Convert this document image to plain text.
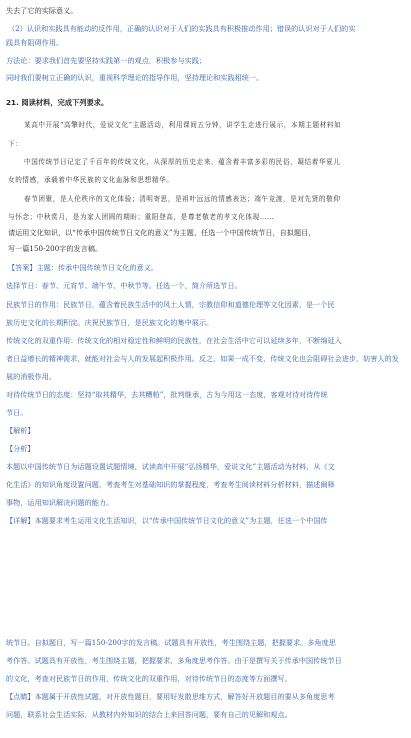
失去了它的实际意义。
（2）认识和实践具有能动的反作用，正确的认识对于人们的实践具有积极推动作用；错误的认识对于人们的实
践具有阻碍作用。
方法论：要求我们首先要坚持实践第一的观点，积极参与实践；
同时我们要树立正确的认识，重视科学理论的指导作用，坚持理论和实践相统一。
21. 阅读材料，完成下列要求。
某高中开展“高擎时代，爱说文化”主题活动，利用课间五分钟，讲学生走进行展示，本期主题材料如
下：
中国传统节日记定了千百年的传统文化，从深厚的历史走来，蕴含着丰富多彩的民俗，凝结着华夏儿
女的情感，承载着中华民族的文化血脉和思想精华。
春节团聚，是人伦秩序的文化体验；清明寄思，是祖叶远远的情感表达；端午竞渡，是对先贤的敬仰
与怀念；中秋赏月，是为家人团圆的期盼；重阳登高，是尊老敬老的孝文化体现……
请运用文化知识，以“传承中国传统节日文化的意义”为主题，任选一个中国传统节日，自拟题目，
写一篇150-200字的发言稿。
【答案】主题：传承中国传统节日文化的意义。
选择节日：春节、元宵节、端午节、中秋节等。任选一个，简介所选节日。
民族节日的作用：民族节日，蕴含着民族生活中的风土人情，宗教信仰和道德伦理等文化因素，是一个民
族历史文化的长期积淀。庆祝民族节日，是民族文化的集中展示。
传统文化的双重作用：传统文化的相对稳定性和鲜明的民族性，在社会生活中它可以延续多年，不断绵延入
者日益增长的精神需求，就能对社会与人的发展起积极作用。反之，如果一成不变，传统文化也会阻碍社会进步，妨害人的发
展的消极作用。
对待传统节日的态度：坚持“取其精华，去其糟粕”，批判继承，古为今用这一态度，客观对待对待传统
节日。
【解析】
【分析】
本题以中国传统节日为话题设置试题情境，试读高中开展“弘扬精华，爱说文化”主题活动为材料，从《文
化生活》的知识角度设置问题，考查考生对基础知识的掌握程度，考查考生阅读材料分析材料，描述阐释
事物，运用知识解决问题的能力。
【详解】本题要求考生运用文化生活知识，以“传承中国传统节日文化的意义”为主题，任选一个中国传
统节日。自拟题目，写一篇150-200字的发言稿。试题具有开放性，考生围绕主题，把握要求。多角度思
考作答。试题具有开放性，考生围绕主题，把握要求，多角度思考作答。由于是撰写关于传承中国传统节日
的文化，考查对民族节日的作用，传统文化的双重作用，对待传统节日的态度等方面撰写。
【点睛】本题属于开放性试题，对开放性题目，要用好发散思维方式，解答好开放题目的要从多角度思考
问题，联系社会生活实际，从教材内外知识的结合上来回答问题，要有自己的见解和观点。
